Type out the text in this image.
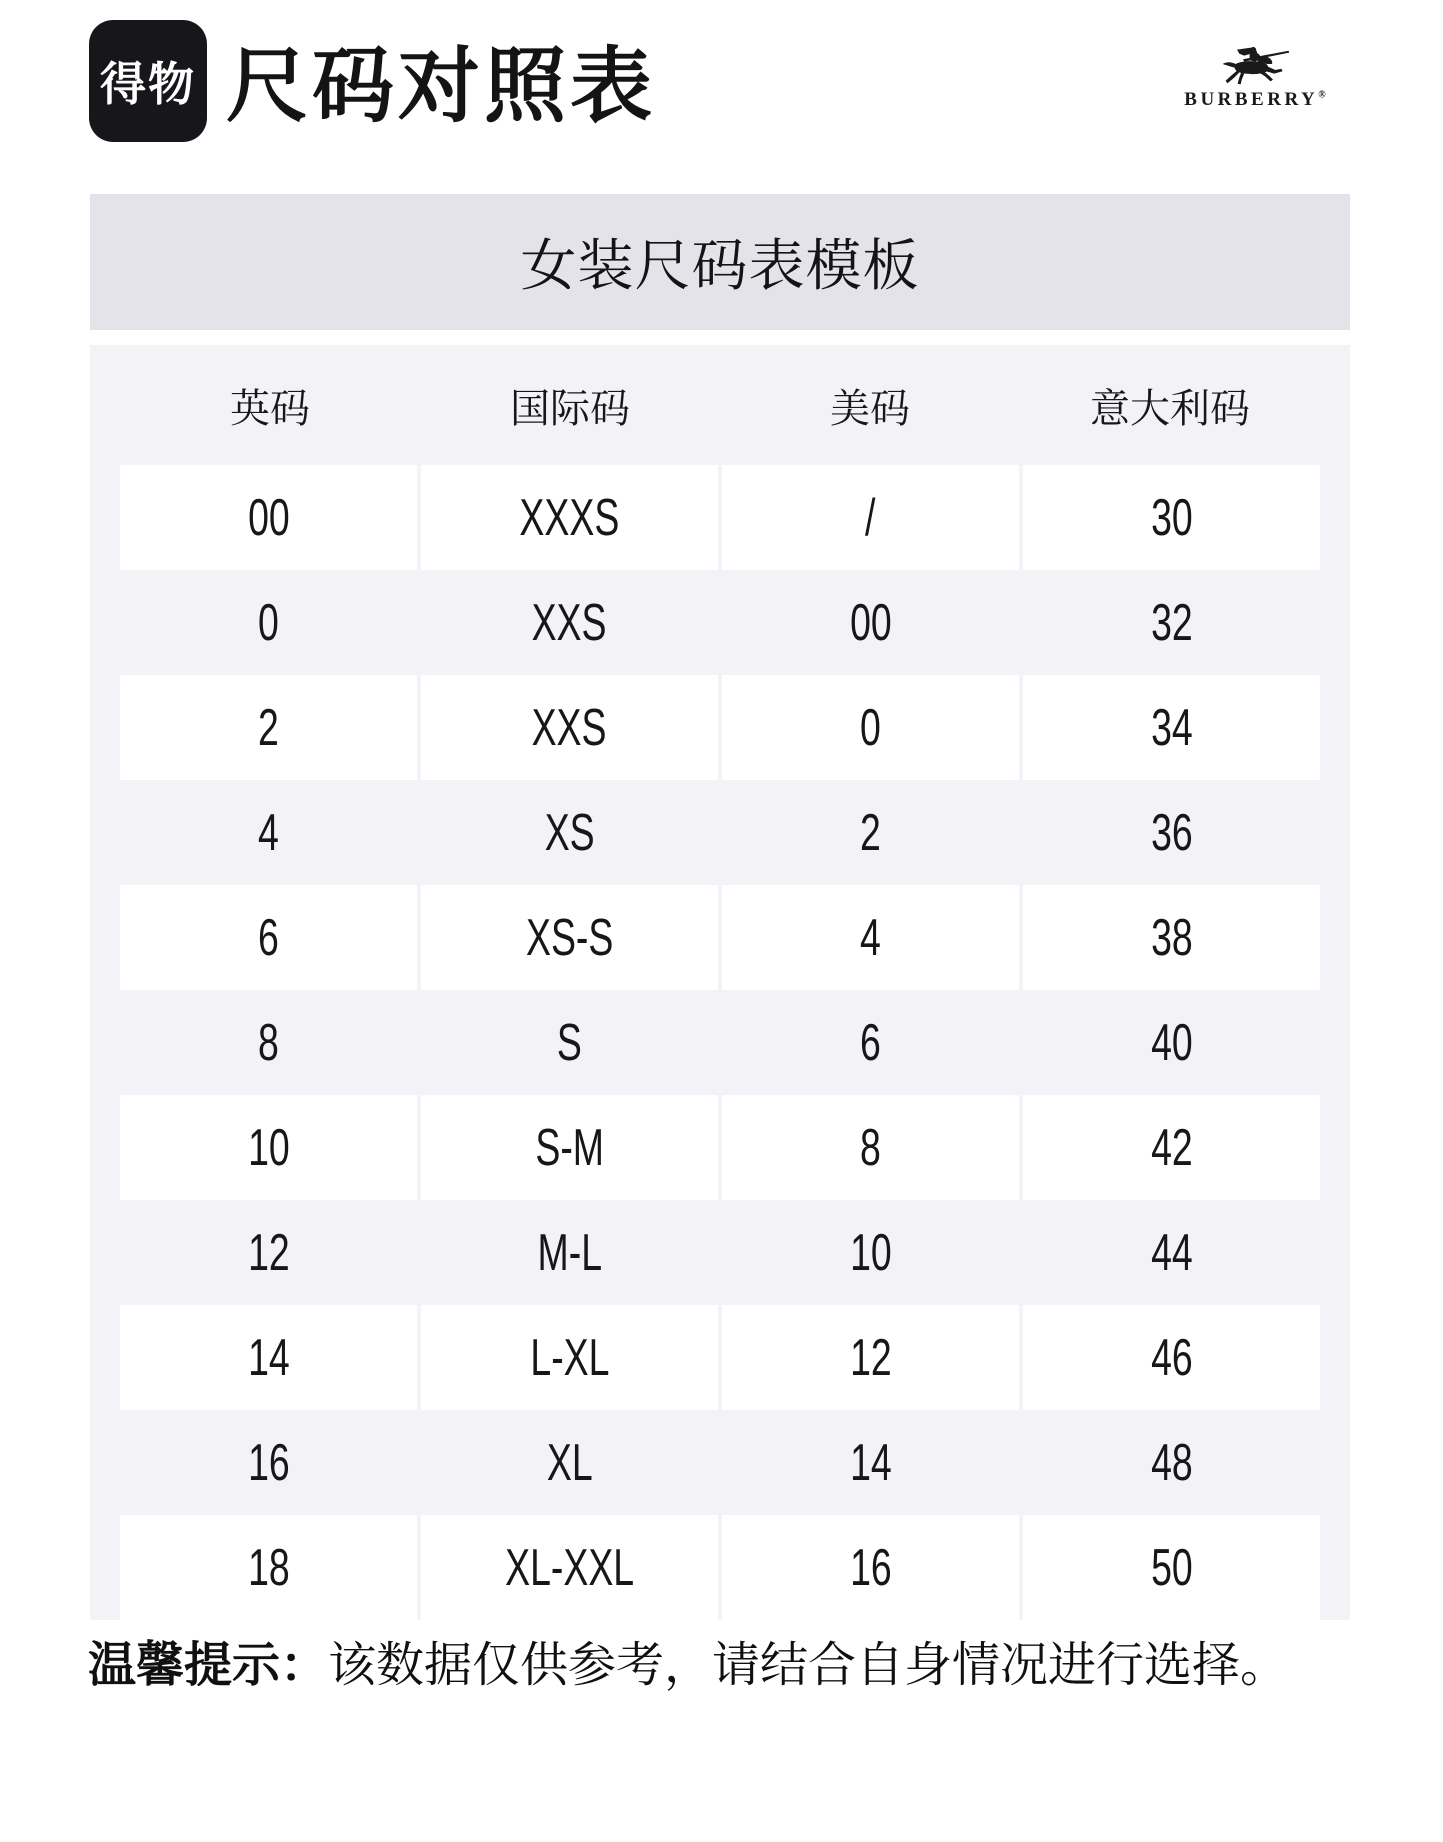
得物 尺码对照表	BURBERRY®
女装尺码表模板
英码	国际码	美码	意大利码
00	XXXS	/	30
0	XXS	00	32
2	XXS	0	34
4	XS	2	36
6	XS-S	4	38
8	S	6	40
10	S-M	8	42
12	M-L	10	44
14	L-XL	12	46
16	XL	14	48
18	XL-XXL	16	50

温馨提示：该数据仅供参考，请结合自身情况进行选择。
